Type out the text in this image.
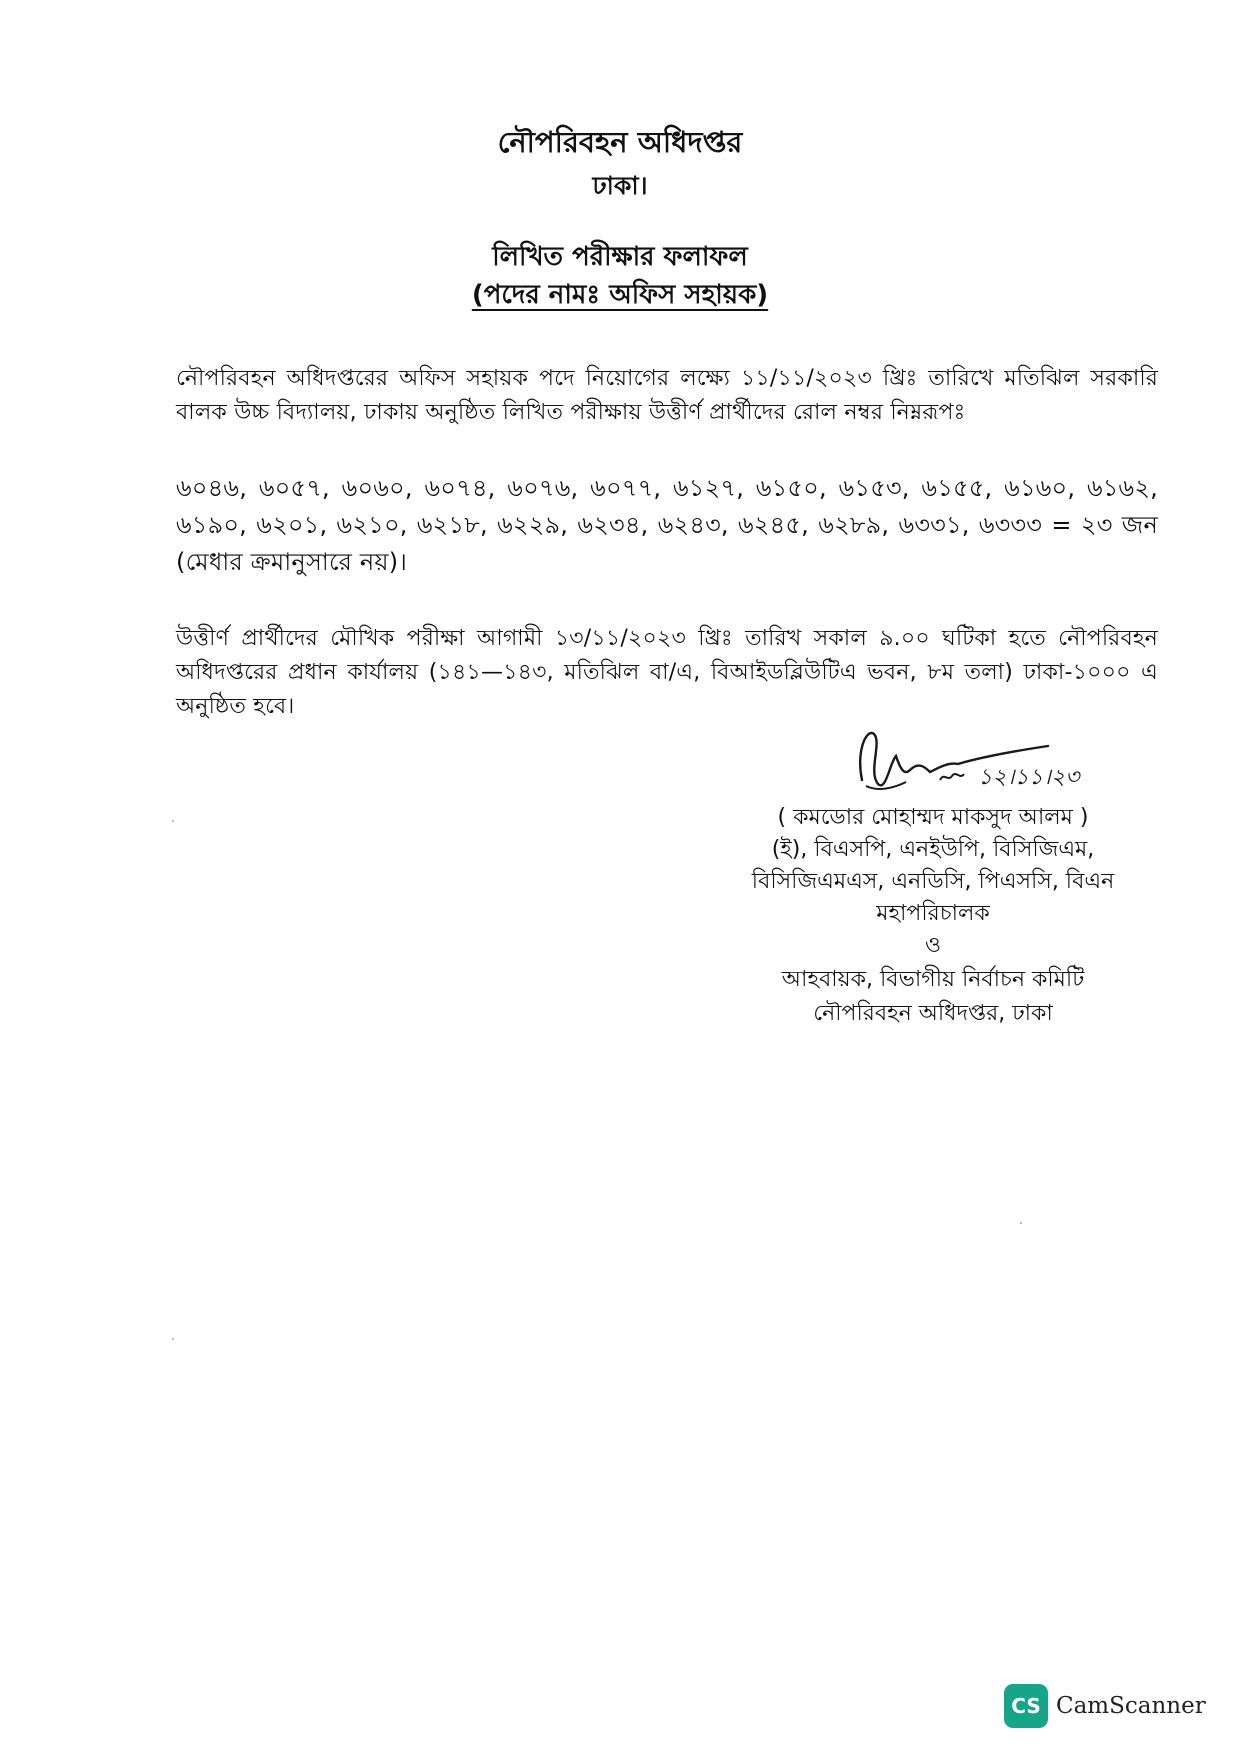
নৌপরিবহন অধিদপ্তর
ঢাকা।
লিখিত পরীক্ষার ফলাফল
(পদের নামঃ অফিস সহায়ক)
নৌপরিবহন অধিদপ্তরের অফিস সহায়ক পদে নিয়োগের লক্ষ্যে ১১/১১/২০২৩ খ্রিঃ তারিখে মতিঝিল সরকারি বালক উচ্চ বিদ্যালয়, ঢাকায় অনুষ্ঠিত লিখিত পরীক্ষায় উত্তীর্ণ প্রার্থীদের রোল নম্বর নিম্নরূপঃ
৬০৪৬, ৬০৫৭, ৬০৬০, ৬০৭৪, ৬০৭৬, ৬০৭৭, ৬১২৭, ৬১৫০, ৬১৫৩, ৬১৫৫, ৬১৬০, ৬১৬২, ৬১৯০, ৬২০১, ৬২১০, ৬২১৮, ৬২২৯, ৬২৩৪, ৬২৪৩, ৬২৪৫, ৬২৮৯, ৬৩৩১, ৬৩৩৩ = ২৩ জন (মেধার ক্রমানুসারে নয়)।
উত্তীর্ণ প্রার্থীদের মৌখিক পরীক্ষা আগামী ১৩/১১/২০২৩ খ্রিঃ তারিখ সকাল ৯.০০ ঘটিকা হতে নৌপরিবহন অধিদপ্তরের প্রধান কার্যালয় (১৪১—১৪৩, মতিঝিল বা/এ, বিআইডব্লিউটিএ ভবন, ৮ম তলা) ঢাকা-১০০০ এ অনুষ্ঠিত হবে।
১২।১১।২৩
( কমডোর মোহাম্মদ মাকসুদ আলম )
(ই), বিএসপি, এনইউপি, বিসিজিএম,
বিসিজিএমএস, এনডিসি, পিএসসি, বিএন
মহাপরিচালক
ও
আহবায়ক, বিভাগীয় নির্বাচন কমিটি
নৌপরিবহন অধিদপ্তর, ঢাকা
CS CamScanner
